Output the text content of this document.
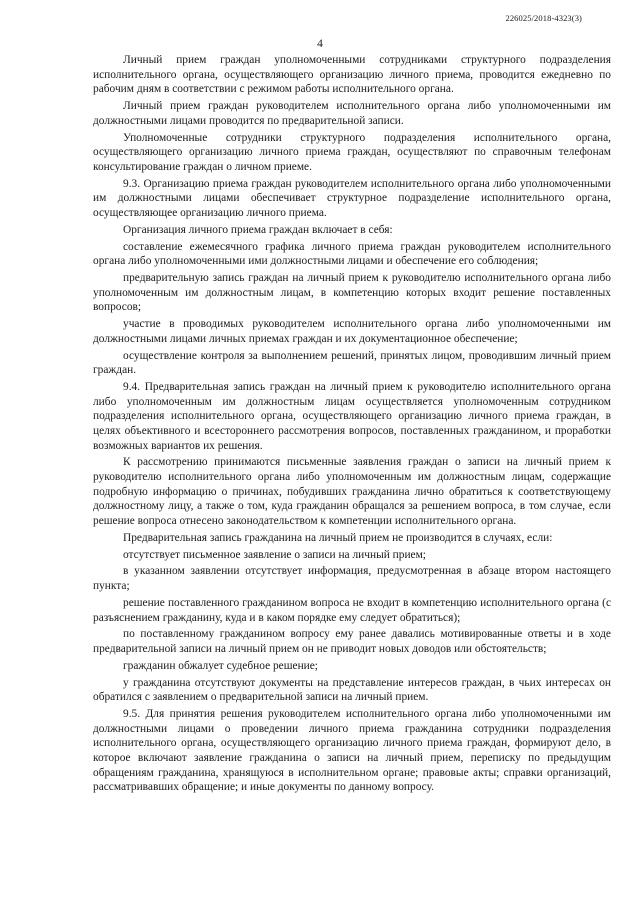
226025/2018-4323(3)
4

Личный прием граждан уполномоченными сотрудниками структурного подразделения исполнительного органа, осуществляющего организацию личного приема, проводится ежедневно по рабочим дням в соответствии с режимом работы исполнительного органа.

Личный прием граждан руководителем исполнительного органа либо уполномоченными им должностными лицами проводится по предварительной записи.

Уполномоченные сотрудники структурного подразделения исполнительного органа, осуществляющего организацию личного приема граждан, осуществляют по справочным телефонам консультирование граждан о личном приеме.

9.3. Организацию приема граждан руководителем исполнительного органа либо уполномоченными им должностными лицами обеспечивает структурное подразделение исполнительного органа, осуществляющее организацию личного приема.

Организация личного приема граждан включает в себя:

составление ежемесячного графика личного приема граждан руководителем исполнительного органа либо уполномоченными ими должностными лицами и обеспечение его соблюдения;

предварительную запись граждан на личный прием к руководителю исполнительного органа либо уполномоченным им должностным лицам, в компетенцию которых входит решение поставленных вопросов;

участие в проводимых руководителем исполнительного органа либо уполномоченными им должностными лицами личных приемах граждан и их документационное обеспечение;

осуществление контроля за выполнением решений, принятых лицом, проводившим личный прием граждан.

9.4. Предварительная запись граждан на личный прием к руководителю исполнительного органа либо уполномоченным им должностным лицам осуществляется уполномоченным сотрудником подразделения исполнительного органа, осуществляющего организацию личного приема граждан, в целях объективного и всестороннего рассмотрения вопросов, поставленных гражданином, и проработки возможных вариантов их решения.

К рассмотрению принимаются письменные заявления граждан о записи на личный прием к руководителю исполнительного органа либо уполномоченным им должностным лицам, содержащие подробную информацию о причинах, побудивших гражданина лично обратиться к соответствующему должностному лицу, а также о том, куда гражданин обращался за решением вопроса, в том случае, если решение вопроса отнесено законодательством к компетенции исполнительного органа.

Предварительная запись гражданина на личный прием не производится в случаях, если:

отсутствует письменное заявление о записи на личный прием;

в указанном заявлении отсутствует информация, предусмотренная в абзаце втором настоящего пункта;

решение поставленного гражданином вопроса не входит в компетенцию исполнительного органа (с разъяснением гражданину, куда и в каком порядке ему следует обратиться);

по поставленному гражданином вопросу ему ранее давались мотивированные ответы и в ходе предварительной записи на личный прием он не приводит новых доводов или обстоятельств;

гражданин обжалует судебное решение;

у гражданина отсутствуют документы на представление интересов граждан, в чьих интересах он обратился с заявлением о предварительной записи на личный прием.

9.5. Для принятия решения руководителем исполнительного органа либо уполномоченными им должностными лицами о проведении личного приема гражданина сотрудники подразделения исполнительного органа, осуществляющего организацию личного приема граждан, формируют дело, в которое включают заявление гражданина о записи на личный прием, переписку по предыдущим обращениям гражданина, хранящуюся в исполнительном органе; правовые акты; справки организаций, рассматривавших обращение; и иные документы по данному вопросу.
